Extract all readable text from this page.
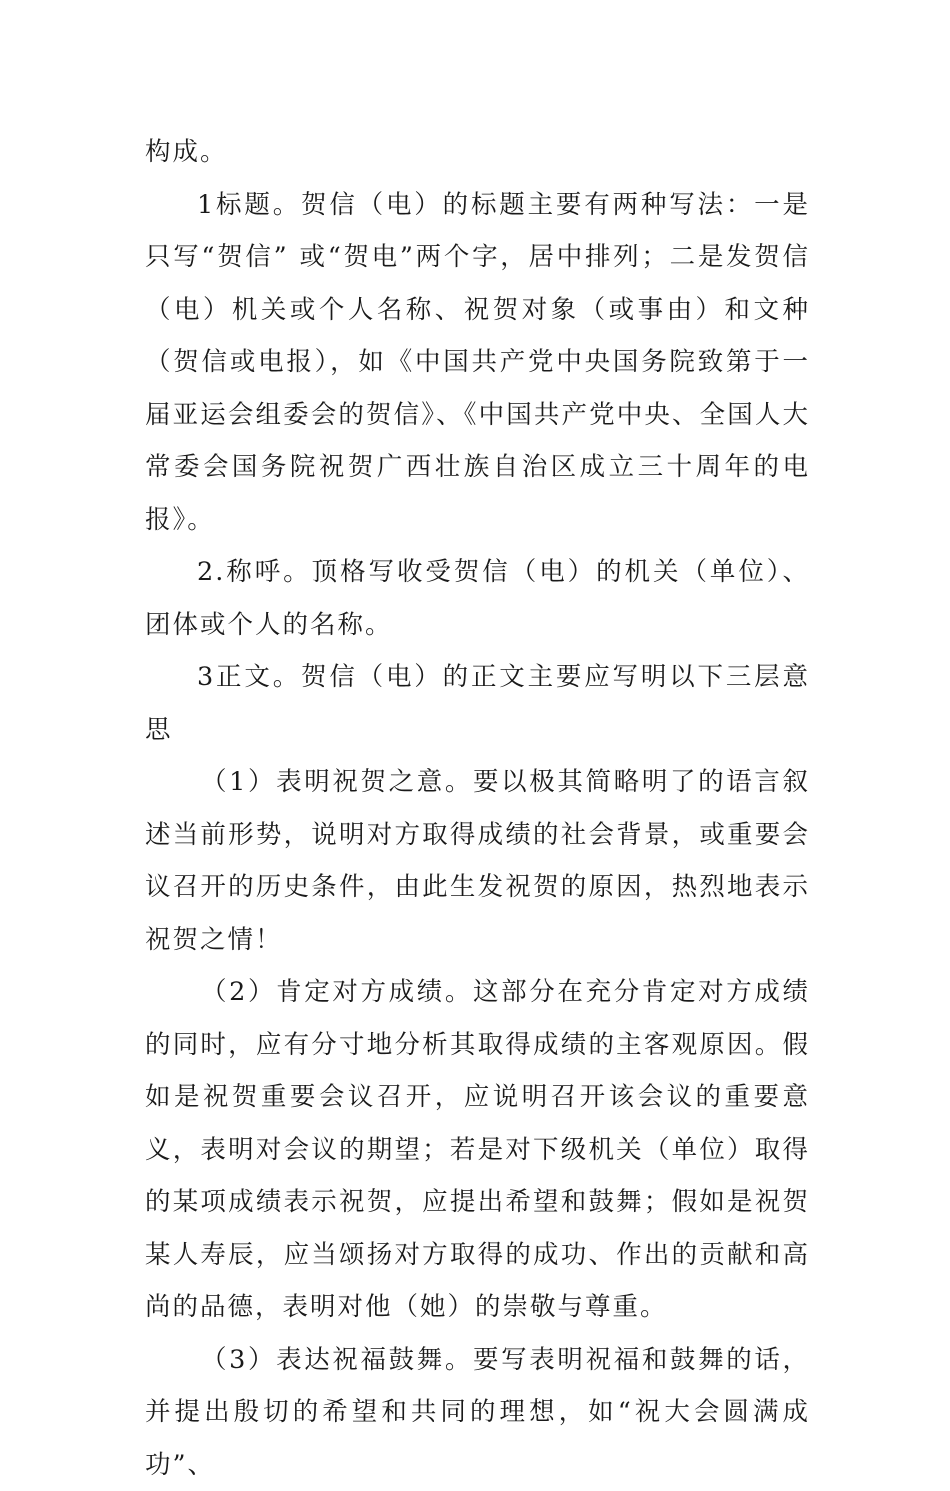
构成。

1标题。贺信（电）的标题主要有两种写法：一是只写“贺信” 或“贺电”两个字，居中排列；二是发贺信（电）机关或个人名称、祝贺对象（或事由）和文种（贺信或电报），如《中国共产党中央国务院致第于一届亚运会组委会的贺信》、《中国共产党中央、全国人大常委会国务院祝贺广西壮族自治区成立三十周年的电报》。

2.称呼。顶格写收受贺信（电）的机关（单位）、团体或个人的名称。

3正文。贺信（电）的正文主要应写明以下三层意思

（1）表明祝贺之意。要以极其简略明了的语言叙述当前形势，说明对方取得成绩的社会背景，或重要会议召开的历史条件，由此生发祝贺的原因，热烈地表示祝贺之情！

（2）肯定对方成绩。这部分在充分肯定对方成绩的同时，应有分寸地分析其取得成绩的主客观原因。假如是祝贺重要会议召开，应说明召开该会议的重要意义，表明对会议的期望；若是对下级机关（单位）取得的某项成绩表示祝贺，应提出希望和鼓舞；假如是祝贺某人寿辰，应当颂扬对方取得的成功、作出的贡献和高尚的品德，表明对他（她）的崇敬与尊重。

（3）表达祝福鼓舞。要写表明祝福和鼓舞的话，并提出殷切的希望和共同的理想，如“祝大会圆满成功”、
